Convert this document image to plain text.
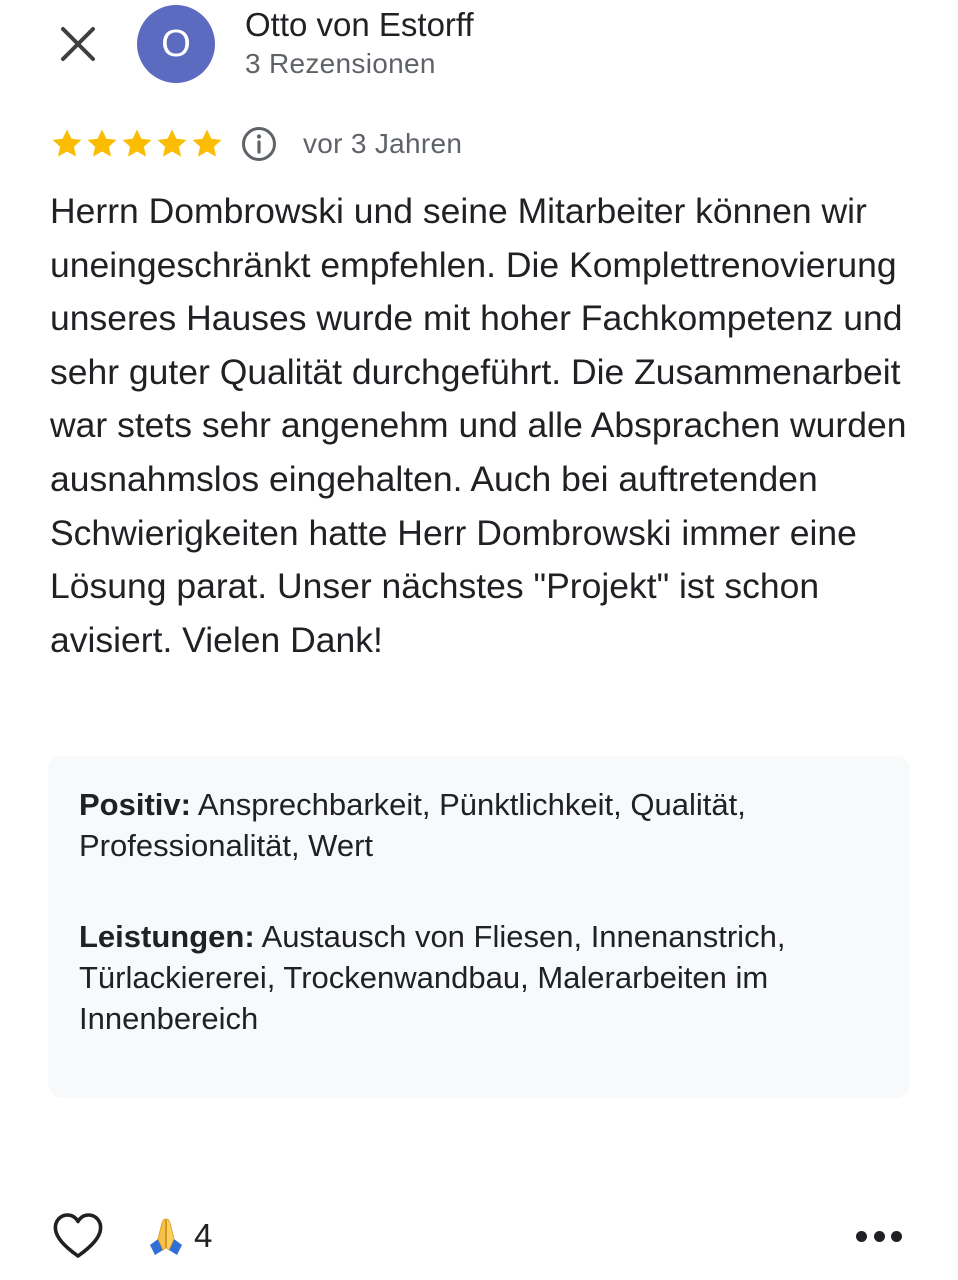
O Otto von Estorff
3 Rezensionen
vor 3 Jahren
Herrn Dombrowski und seine Mitarbeiter können wir uneingeschränkt empfehlen. Die Komplettrenovierung unseres Hauses wurde mit hoher Fachkompetenz und sehr guter Qualität durchgeführt. Die Zusammenarbeit war stets sehr angenehm und alle Absprachen wurden ausnahmslos eingehalten. Auch bei auftretenden Schwierigkeiten hatte Herr Dombrowski immer eine Lösung parat. Unser nächstes "Projekt" ist schon avisiert. Vielen Dank!
Positiv: Ansprechbarkeit, Pünktlichkeit, Qualität, Professionalität, Wert
Leistungen: Austausch von Fliesen, Innenanstrich, Türlackiererei, Trockenwandbau, Malerarbeiten im Innenbereich
4
